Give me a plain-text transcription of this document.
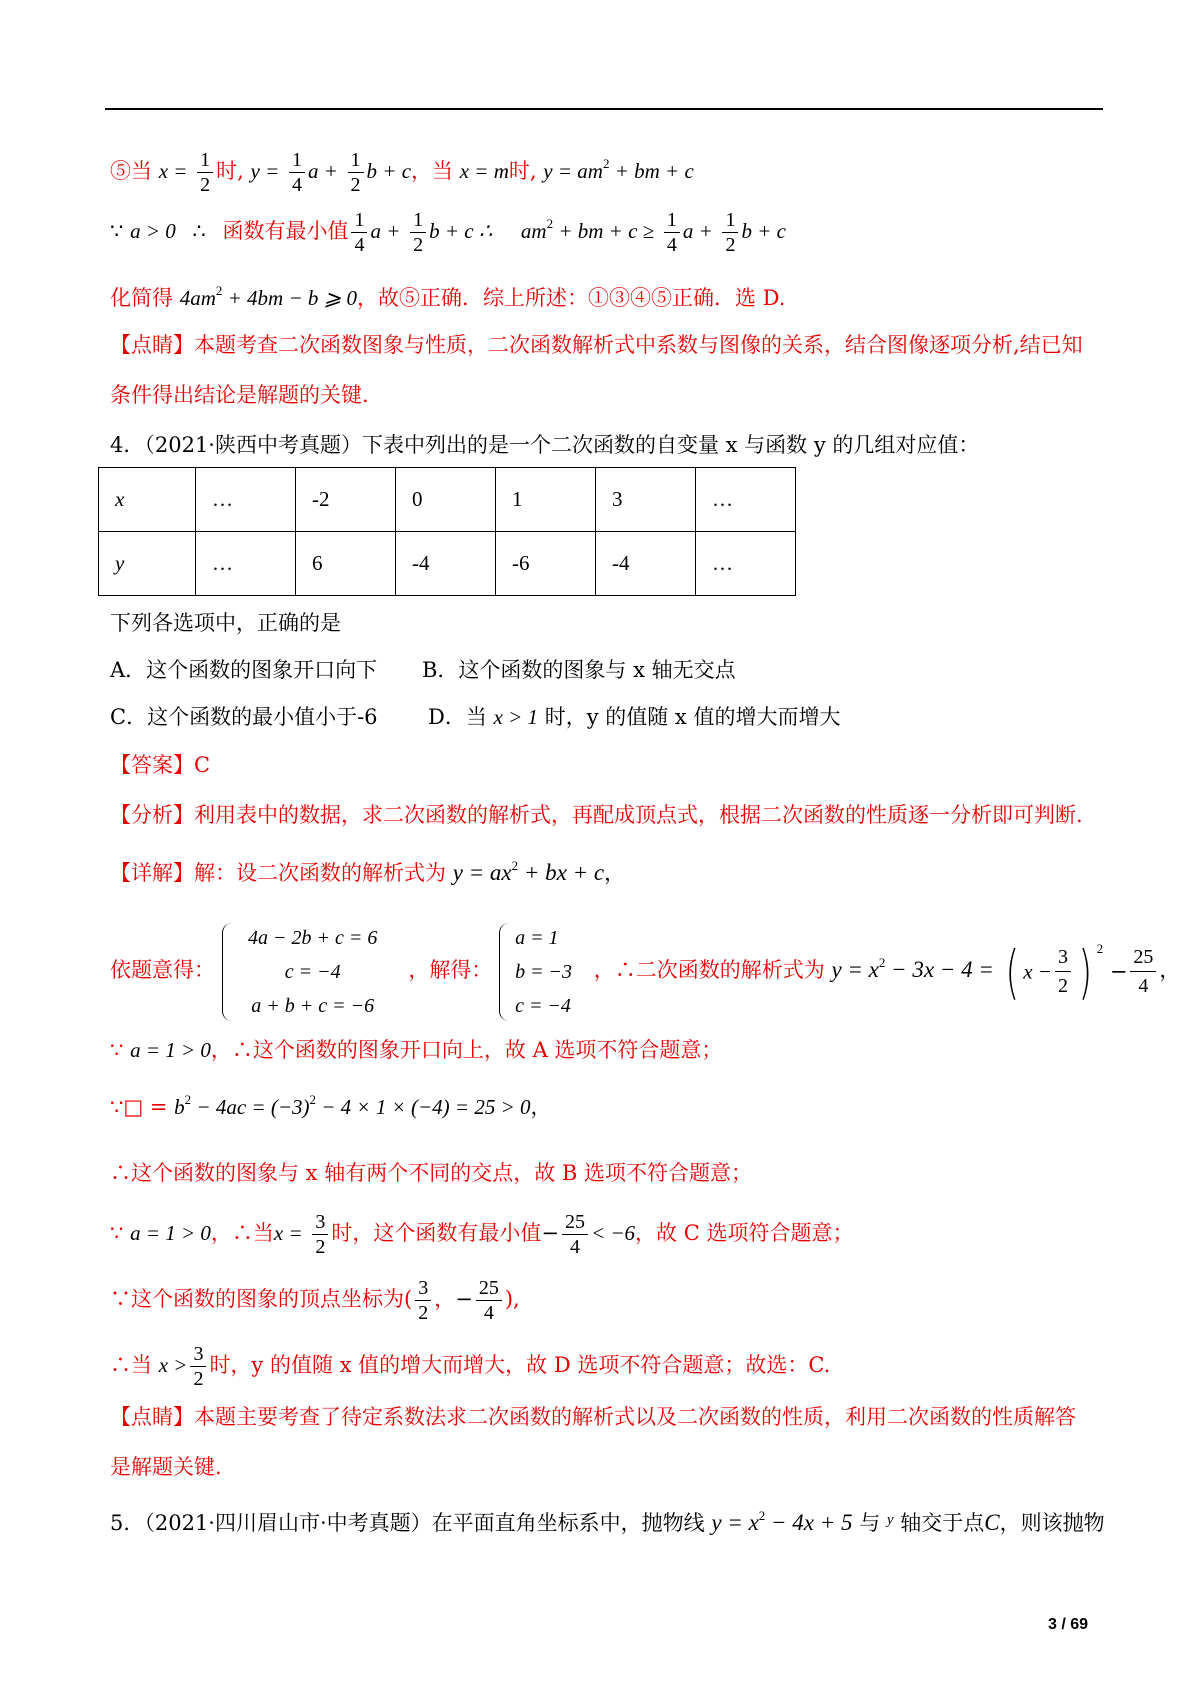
⑤当 $x = \frac{1}{2}$ 时, $y = \frac{1}{4}$ $a + \frac{1}{2}$ b + c，当 x = m时, $y = am^2$ + bm + c
∵ a > 0 ∴ 函数有最小值 $\frac{1}{4}$ $a + \frac{1}{2}$ b + c ∴ $am^2$ + bm + $c \ge \frac{1}{4}$ $a + \frac{1}{2}$ b + c
化简得 $4am^2 + 4bm - b$ ⩾ 0，故⑤正确．综上所述：①③④⑤正确．选 D.
【点睛】本题考查二次函数图象与性质，二次函数解析式中系数与图像的关系，结合图像逐项分析,结已知
条件得出结论是解题的关键.
4．（2021·陕西中考真题）下表中列出的是一个二次函数的自变量 x 与函数 y 的几组对应值：
x	…	-2	0	1	3	…
y	…	6	-4	-6	-4	…
下列各选项中，正确的是
A．这个函数的图象开口向下 B．这个函数的图象与 x 轴无交点
C．这个函数的最小值小于-6 D．当 x > 1 时，y 的值随 x 值的增大而增大
【答案】C
【分析】利用表中的数据，求二次函数的解析式，再配成顶点式，根据二次函数的性质逐一分析即可判断.
【详解】解：设二次函数的解析式为 $y = ax^2$ + bx + c，
依题意得：
4a − 2b + c = 6
c = −4
a + b + c = −6
，解得：
a = 1
b = −3
c = −4
，∴二次函数的解析式为 $y = x^2 - 3x - 4$ = ( $x - \frac{3}{2}$ ) $^2 - \frac{25}{4}$ ，
∵ a = 1 > 0，∴这个函数的图象开口向上，故 A 选项不符合题意；
∵□ = $b^2 - 4ac = (-3)^2 - 4 \times 1 \times (-4) = 25 > 0$，
∴这个函数的图象与 x 轴有两个不同的交点，故 B 选项不符合题意；
∵ a = 1 > 0，∴当$x = \frac{3}{2}$ 时，这个函数有最小值− $\frac{25}{4} < -6$，故 C 选项符合题意；
∵这个函数的图象的顶点坐标为( $\frac{3}{2}$ ，− $\frac{25}{4}$ ),
∴当 $x > \frac{3}{2}$ 时，y 的值随 x 值的增大而增大，故 D 选项不符合题意；故选：C.
【点睛】本题主要考查了待定系数法求二次函数的解析式以及二次函数的性质，利用二次函数的性质解答
是解题关键.
5．（2021·四川眉山市·中考真题）在平面直角坐标系中，抛物线 $y = x^2 - 4x + 5$ 与 $^y$ 轴交于点C，则该抛物
3 / 69
